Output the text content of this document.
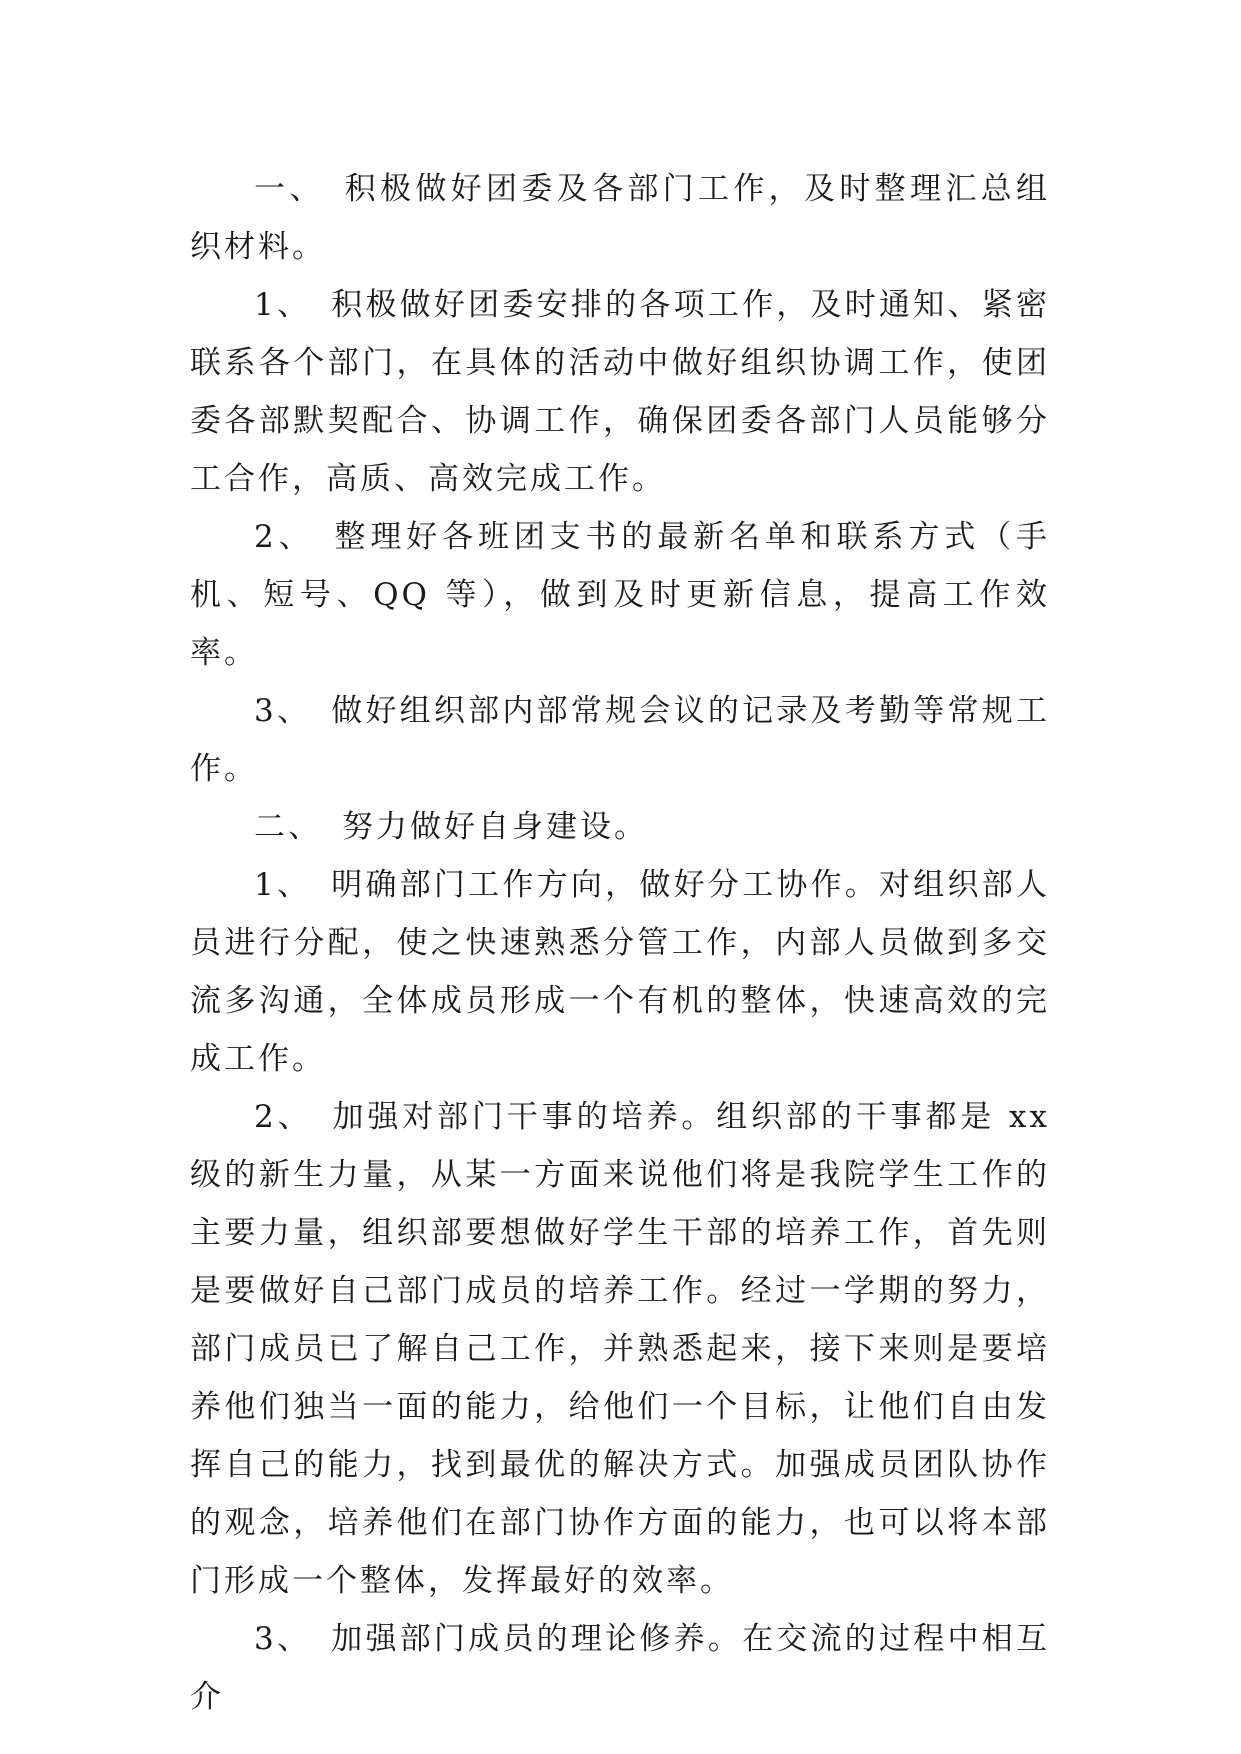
一、 积极做好团委及各部门工作，及时整理汇总组织材料。

1、 积极做好团委安排的各项工作，及时通知、紧密联系各个部门，在具体的活动中做好组织协调工作，使团委各部默契配合、协调工作，确保团委各部门人员能够分工合作，高质、高效完成工作。

2、 整理好各班团支书的最新名单和联系方式（手机、短号、QQ 等），做到及时更新信息，提高工作效率。

3、 做好组织部内部常规会议的记录及考勤等常规工作。

二、 努力做好自身建设。

1、 明确部门工作方向，做好分工协作。对组织部人员进行分配，使之快速熟悉分管工作，内部人员做到多交流多沟通，全体成员形成一个有机的整体，快速高效的完成工作。

2、 加强对部门干事的培养。组织部的干事都是 xx 级的新生力量，从某一方面来说他们将是我院学生工作的主要力量，组织部要想做好学生干部的培养工作，首先则是要做好自己部门成员的培养工作。经过一学期的努力，部门成员已了解自己工作，并熟悉起来，接下来则是要培养他们独当一面的能力，给他们一个目标，让他们自由发挥自己的能力，找到最优的解决方式。加强成员团队协作的观念，培养他们在部门协作方面的能力，也可以将本部门形成一个整体，发挥最好的效率。

3、 加强部门成员的理论修养。在交流的过程中相互介
